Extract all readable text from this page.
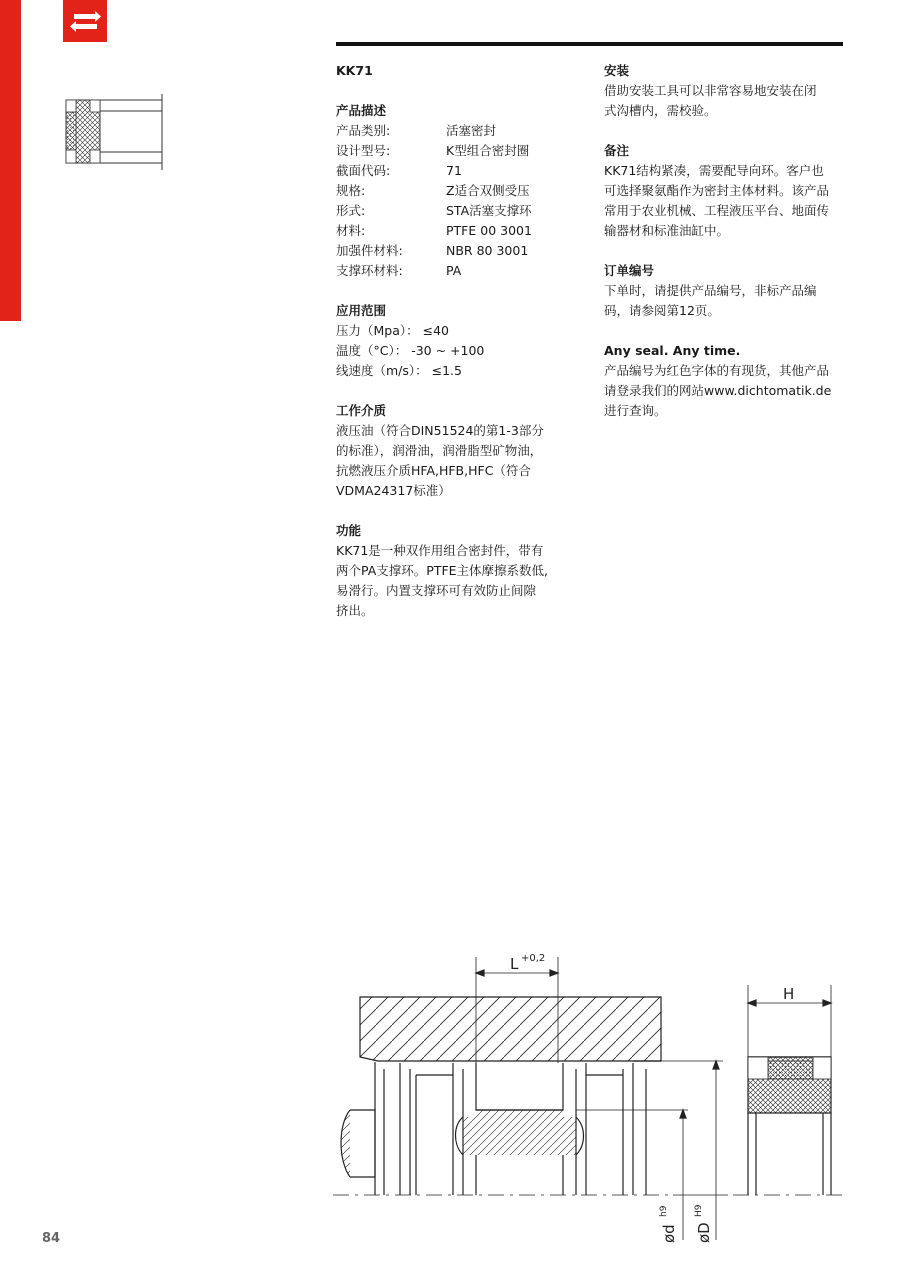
KK71
产品描述
产品类别:	活塞密封
设计型号:	K型组合密封圈
截面代码:	71
规格:	Z适合双侧受压
形式:	STA活塞支撑环
材料:	PTFE 00 3001
加强件材料:	NBR 80 3001
支撑环材料:	PA
应用范围
压力（Mpa）： ≤40
温度（°C）： -30 ~ +100
线速度（m/s）： ≤1.5
工作介质
液压油（符合DIN51524的第1-3部分
的标准），润滑油，润滑脂型矿物油，
抗燃液压介质HFA,HFB,HFC（符合
VDMA24317标准）
功能
KK71是一种双作用组合密封件，带有
两个PA支撑环。PTFE主体摩擦系数低,
易滑行。内置支撑环可有效防止间隙
挤出。
安装
借助安装工具可以非常容易地安装在闭
式沟槽内，需校验。
备注
KK71结构紧凑，需要配导向环。客户也
可选择聚氨酯作为密封主体材料。该产品
常用于农业机械、工程液压平台、地面传
输器材和标准油缸中。
订单编号
下单时，请提供产品编号，非标产品编
码，请参阅第12页。
Any seal. Any time.
产品编号为红色字体的有现货，其他产品
请登录我们的网站www.dichtomatik.de
进行查询。
L +0,2
H
ød
h9
øD
H9
84
